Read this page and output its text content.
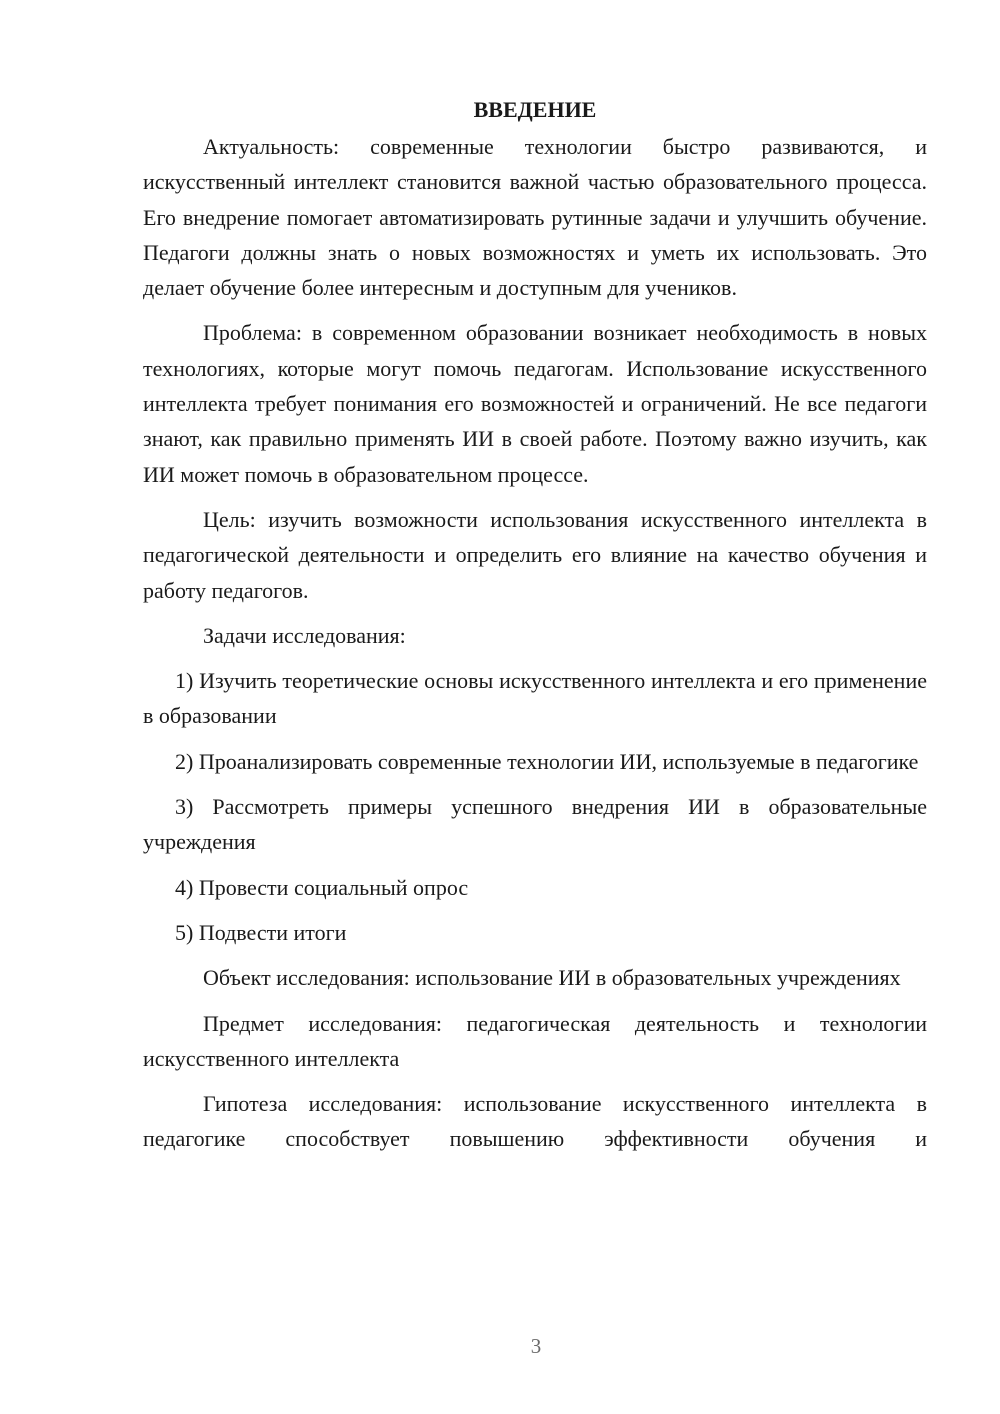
ВВЕДЕНИЕ

Актуальность: современные технологии быстро развиваются, и искусственный интеллект становится важной частью образовательного процесса. Его внедрение помогает автоматизировать рутинные задачи и улучшить обучение. Педагоги должны знать о новых возможностях и уметь их использовать. Это делает обучение более интересным и доступным для учеников.

Проблема: в современном образовании возникает необходимость в новых технологиях, которые могут помочь педагогам. Использование искусственного интеллекта требует понимания его возможностей и ограничений. Не все педагоги знают, как правильно применять ИИ в своей работе. Поэтому важно изучить, как ИИ может помочь в образовательном процессе.

Цель: изучить возможности использования искусственного интеллекта в педагогической деятельности и определить его влияние на качество обучения и работу педагогов.

Задачи исследования:

1) Изучить теоретические основы искусственного интеллекта и его применение в образовании

2) Проанализировать современные технологии ИИ, используемые в педагогике

3) Рассмотреть примеры успешного внедрения ИИ в образовательные учреждения

4) Провести социальный опрос

5) Подвести итоги

Объект исследования: использование ИИ в образовательных учреждениях

Предмет исследования: педагогическая деятельность и технологии искусственного интеллекта

Гипотеза исследования: использование искусственного интеллекта в педагогике способствует повышению эффективности обучения и

3
